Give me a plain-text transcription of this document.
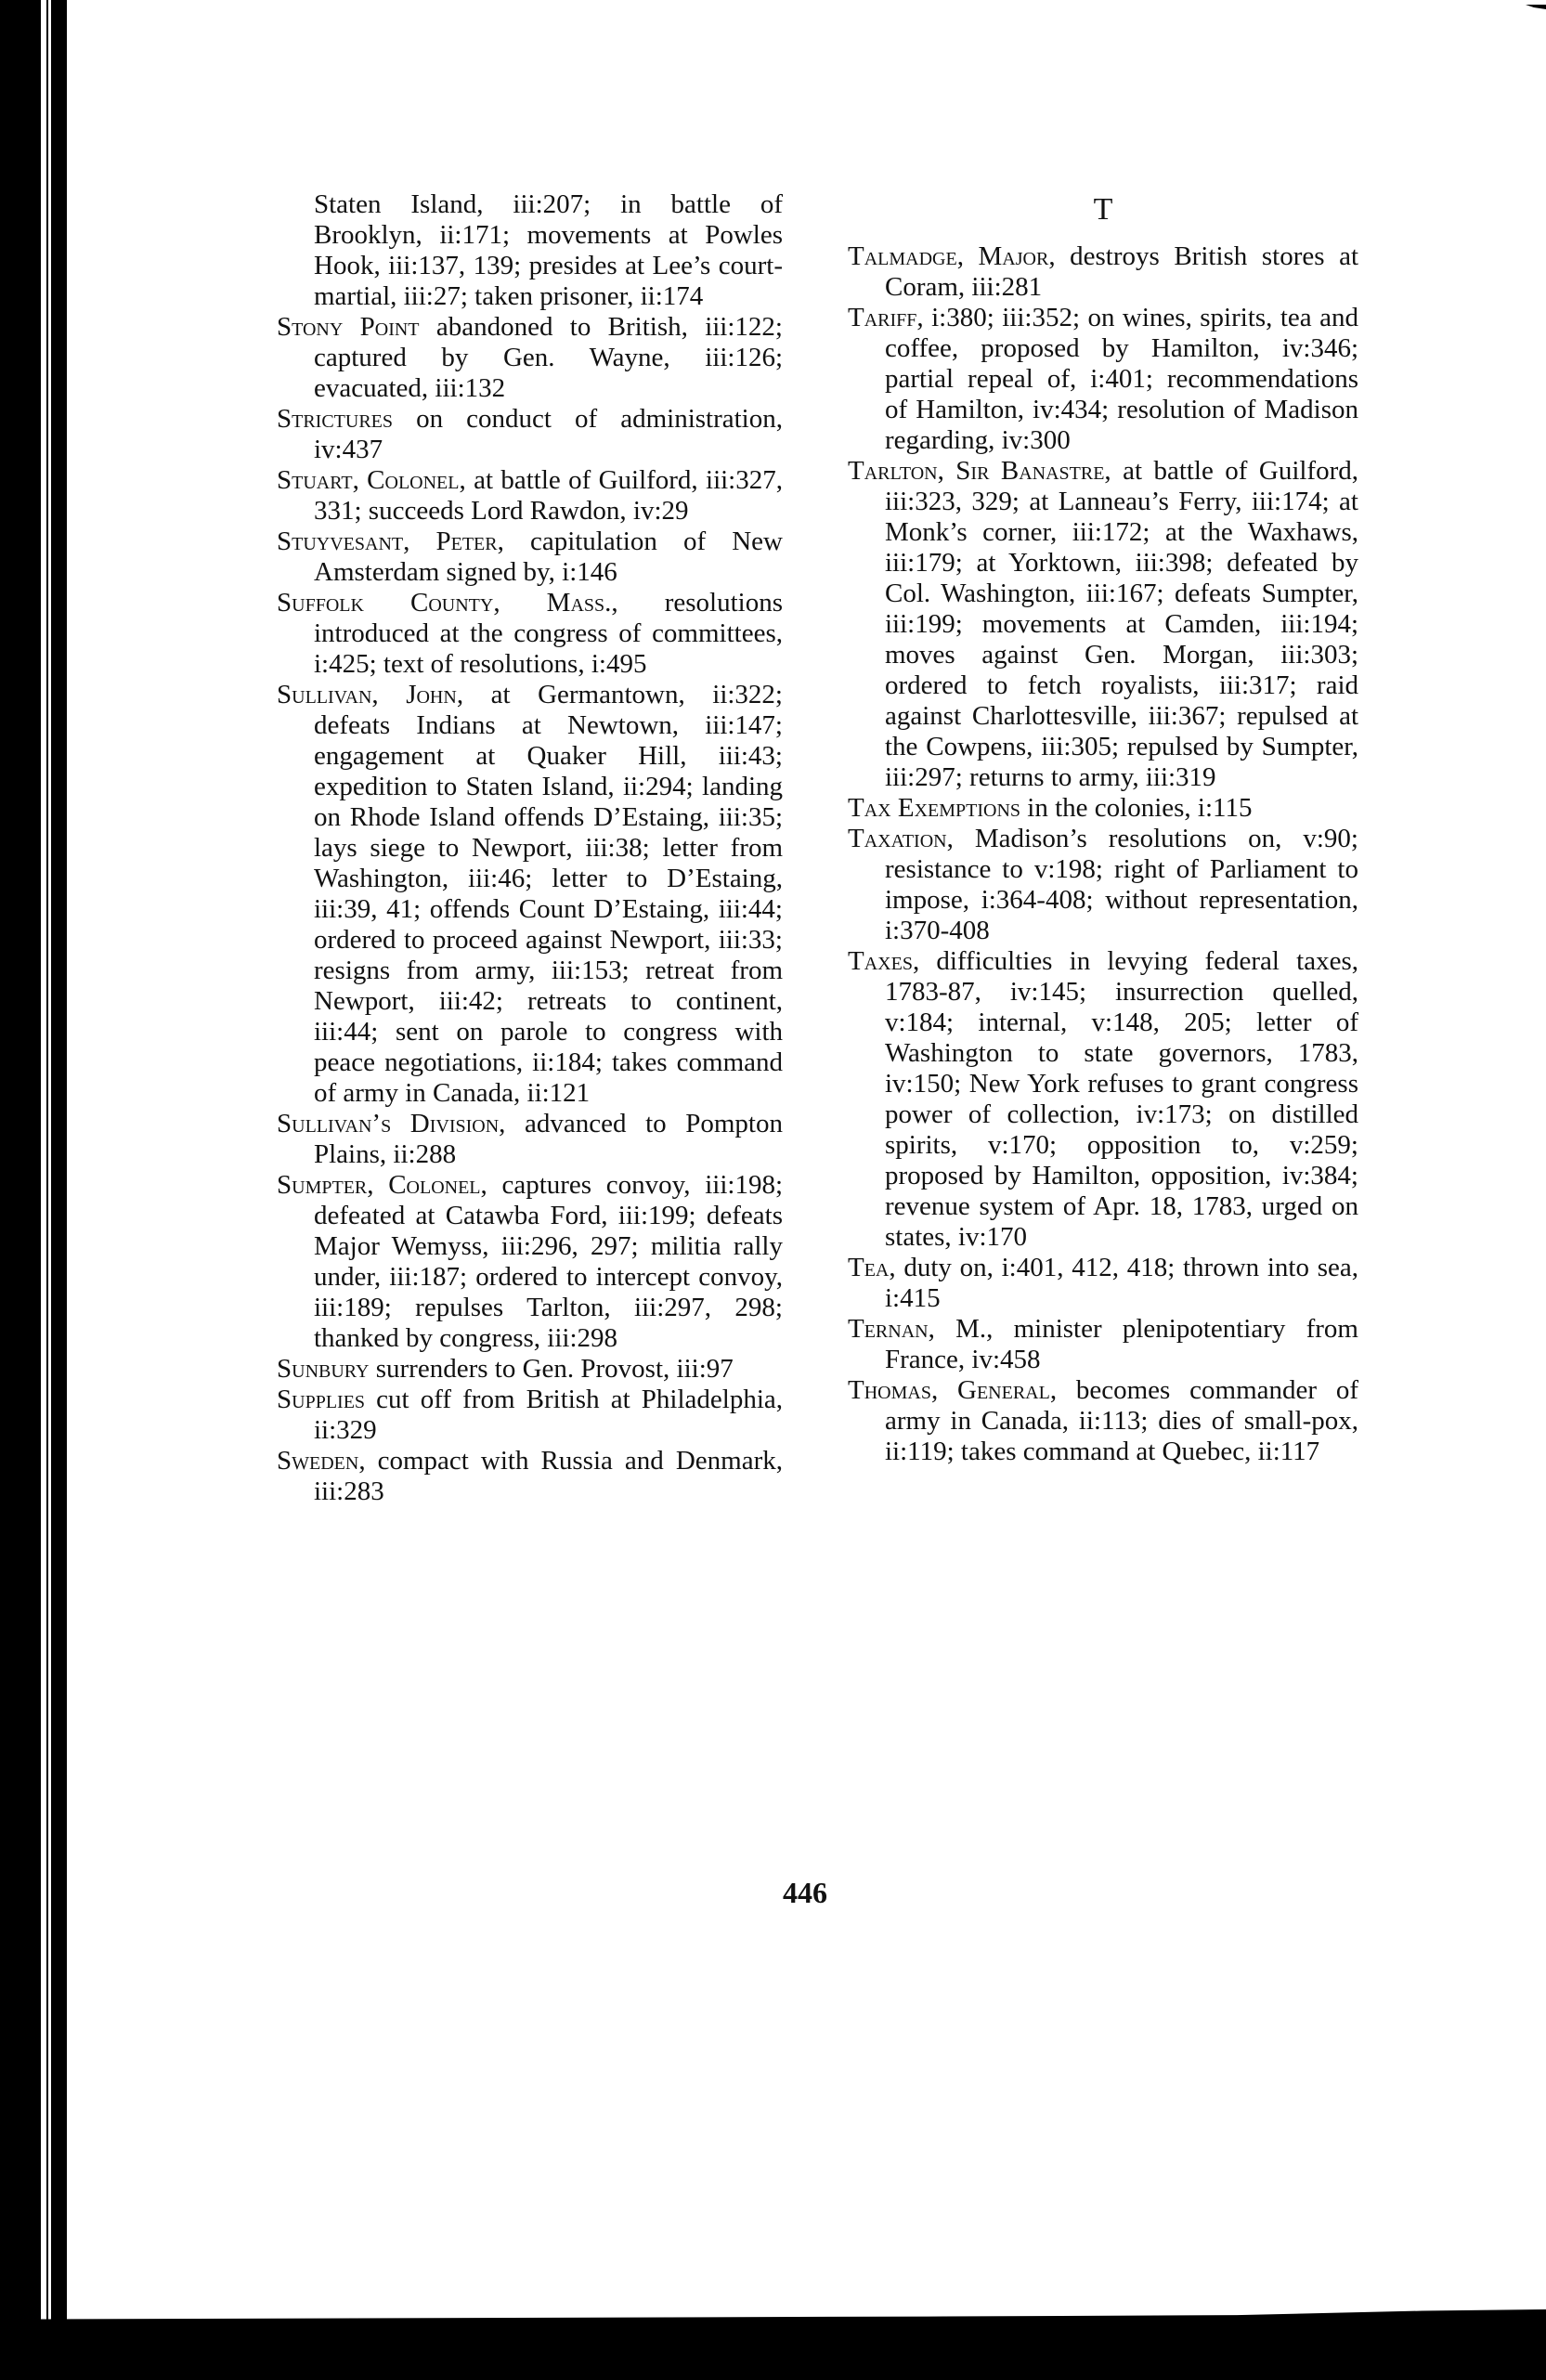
Staten Island, iii:207; in battle of Brooklyn, ii:171; movements at Powles Hook, iii:137, 139; presides at Lee’s court-martial, iii:27; taken prisoner, ii:174

Stony Point abandoned to British, iii:122; captured by Gen. Wayne, iii:126; evacuated, iii:132

Strictures on conduct of administration, iv:437

Stuart, Colonel, at battle of Guilford, iii:327, 331; succeeds Lord Rawdon, iv:29

Stuyvesant, Peter, capitulation of New Amsterdam signed by, i:146

Suffolk County, Mass., resolutions introduced at the congress of committees, i:425; text of resolutions, i:495

Sullivan, John, at Germantown, ii:322; defeats Indians at Newtown, iii:147; engagement at Quaker Hill, iii:43; expedition to Staten Island, ii:294; landing on Rhode Island offends D’Estaing, iii:35; lays siege to Newport, iii:38; letter from Washington, iii:46; letter to D’Estaing, iii:39, 41; offends Count D’Estaing, iii:44; ordered to proceed against Newport, iii:33; resigns from army, iii:153; retreat from Newport, iii:42; retreats to continent, iii:44; sent on parole to congress with peace negotiations, ii:184; takes command of army in Canada, ii:121

Sullivan’s Division, advanced to Pompton Plains, ii:288

Sumpter, Colonel, captures convoy, iii:198; defeated at Catawba Ford, iii:199; defeats Major Wemyss, iii:296, 297; militia rally under, iii:187; ordered to intercept convoy, iii:189; repulses Tarlton, iii:297, 298; thanked by congress, iii:298

Sunbury surrenders to Gen. Provost, iii:97

Supplies cut off from British at Philadelphia, ii:329

Sweden, compact with Russia and Denmark, iii:283

T

Talmadge, Major, destroys British stores at Coram, iii:281

Tariff, i:380; iii:352; on wines, spirits, tea and coffee, proposed by Hamilton, iv:346; partial repeal of, i:401; recommendations of Hamilton, iv:434; resolution of Madison regarding, iv:300

Tarlton, Sir Banastre, at battle of Guilford, iii:323, 329; at Lanneau’s Ferry, iii:174; at Monk’s corner, iii:172; at the Waxhaws, iii:179; at Yorktown, iii:398; defeated by Col. Washington, iii:167; defeats Sumpter, iii:199; movements at Camden, iii:194; moves against Gen. Morgan, iii:303; ordered to fetch royalists, iii:317; raid against Charlottesville, iii:367; repulsed at the Cowpens, iii:305; repulsed by Sumpter, iii:297; returns to army, iii:319

Tax Exemptions in the colonies, i:115

Taxation, Madison’s resolutions on, v:90; resistance to v:198; right of Parliament to impose, i:364-408; without representation, i:370-408

Taxes, difficulties in levying federal taxes, 1783-87, iv:145; insurrection quelled, v:184; internal, v:148, 205; letter of Washington to state governors, 1783, iv:150; New York refuses to grant congress power of collection, iv:173; on distilled spirits, v:170; opposition to, v:259; proposed by Hamilton, opposition, iv:384; revenue system of Apr. 18, 1783, urged on states, iv:170

Tea, duty on, i:401, 412, 418; thrown into sea, i:415

Ternan, M., minister plenipotentiary from France, iv:458

Thomas, General, becomes commander of army in Canada, ii:113; dies of small-pox, ii:119; takes command at Quebec, ii:117

446
